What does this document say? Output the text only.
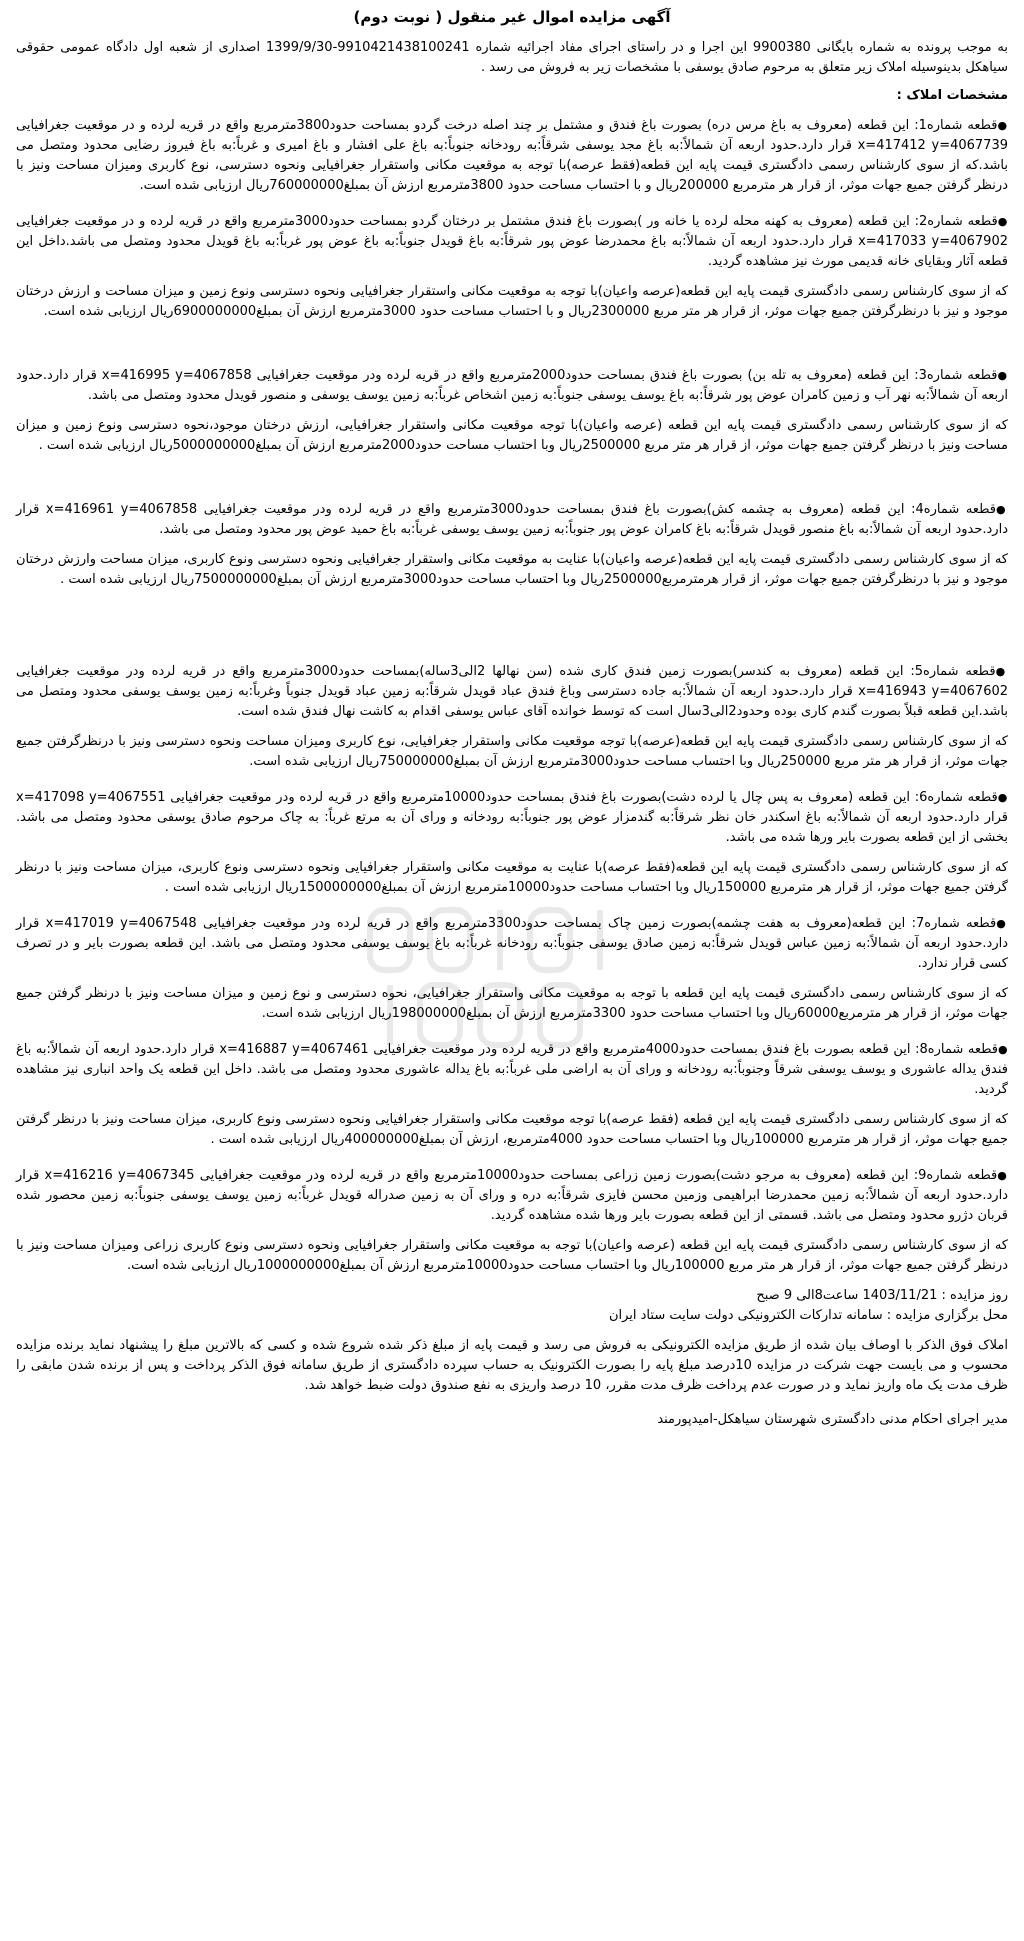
آگهی مزایده اموال غیر منقول ( نوبت دوم)

به موجب پرونده به شماره بایگانی 9900380 این اجرا و در راستای اجرای مفاد اجرائیه شماره 9910421438100241-1399/9/30 اصداری از شعبه اول دادگاه عمومی حقوقی سیاهکل بدینوسیله املاک زیر متعلق به مرحوم صادق یوسفی با مشخصات زیر به فروش می رسد .

مشخصات املاک :

●قطعه شماره1: این قطعه (معروف به باغ مرس دره) بصورت باغ فندق و مشتمل بر چند اصله درخت گردو بمساحت حدود3800مترمربع واقع در قریه لرده و در موقعیت جغرافیایی x=417412 y=4067739 قرار دارد.حدود اربعه آن شمالاً:به باغ مجد یوسفی شرقاً:به رودخانه جنوباً:به باغ علی افشار و باغ امیری و غرباً:به باغ فیروز رضایی محدود ومتصل می باشد.که از سوی کارشناس رسمی دادگستری قیمت پایه این قطعه(فقط عرصه)با توجه به موقعیت مکانی واستقرار جغرافیایی ونحوه دسترسی، نوع کاربری ومیزان مساحت ونیز با درنظر گرفتن جمیع جهات موثر، از قرار هر مترمربع 200000ریال و با احتساب مساحت حدود 3800مترمربع ارزش آن بمبلغ760000000ریال ارزیابی شده است.

●قطعه شماره2: این قطعه (معروف به کهنه محله لرده یا خانه ور )بصورت باغ فندق مشتمل بر درختان گردو بمساحت حدود3000مترمربع واقع در قریه لرده و در موقعیت جغرافیایی x=417033 y=4067902 قرار دارد.حدود اربعه آن شمالاً:به باغ محمدرضا عوض پور شرقاً:به باغ قویدل جنوباً:به باغ عوض پور غرباً:به باغ قویدل محدود ومتصل می باشد.داخل این قطعه آثار وبقایای خانه قدیمی مورث نیز مشاهده گردید.

که از سوی کارشناس رسمی دادگستری قیمت پایه این قطعه(عرصه واعیان)با توجه به موقعیت مکانی واستقرار جغرافیایی ونحوه دسترسی ونوع زمین و میزان مساحت و ارزش درختان موجود و نیز با درنظرگرفتن جمیع جهات موثر، از قرار هر متر مربع 2300000ریال و با احتساب مساحت حدود 3000مترمربع ارزش آن بمبلغ6900000000ریال ارزیابی شده است.

●قطعه شماره3: این قطعه (معروف به تله بن) بصورت باغ فندق بمساحت حدود2000مترمربع واقع در قریه لرده ودر موقعیت جغرافیایی x=416995 y=4067858 قرار دارد.حدود اربعه آن شمالاً:به نهر آب و زمین کامران عوض پور شرقاً:به باغ یوسف یوسفی جنوباً:به زمین اشخاص غرباً:به زمین یوسف یوسفی و منصور قویدل محدود ومتصل می باشد.

که از سوی کارشناس رسمی دادگستری قیمت پایه این قطعه (عرصه واعیان)با توجه موقعیت مکانی واستقرار جغرافیایی، ارزش درختان موجود،نحوه دسترسی ونوع زمین و میزان مساحت ونیز با درنظر گرفتن جمیع جهات موثر، از قرار هر متر مربع 2500000ریال وبا احتساب مساحت حدود2000مترمربع ارزش آن بمبلغ5000000000ریال ارزیابی شده است .

●قطعه شماره4: این قطعه (معروف به چشمه کش)بصورت باغ فندق بمساحت حدود3000مترمربع واقع در قریه لرده ودر موقعیت جغرافیایی x=416961 y=4067858 قرار دارد.حدود اربعه آن شمالاً:به باغ منصور قویدل شرقاً:به باغ کامران عوض پور جنوباً:به زمین یوسف یوسفی غرباً:به باغ حمید عوض پور محدود ومتصل می باشد.

که از سوی کارشناس رسمی دادگستری قیمت پایه این قطعه(عرصه واعیان)با عنایت به موقعیت مکانی واستقرار جغرافیایی ونحوه دسترسی ونوع کاربری، میزان مساحت وارزش درختان موجود و نیز با درنظرگرفتن جمیع جهات موثر، از قرار هرمترمربع2500000ریال وبا احتساب مساحت حدود3000مترمربع ارزش آن بمبلغ7500000000ریال ارزیابی شده است .

●قطعه شماره5: این قطعه (معروف به کندسر)بصورت زمین فندق کاری شده (سن نهالها 2الی3ساله)بمساحت حدود3000مترمربع واقع در قریه لرده ودر موقعیت جغرافیایی x=416943 y=4067602 قرار دارد.حدود اربعه آن شمالاً:به جاده دسترسی وباغ فندق عباد قویدل شرقاً:به زمین عباد قویدل جنوباً وغرباً:به زمین یوسف یوسفی محدود ومتصل می باشد.این قطعه قبلاً بصورت گندم کاری بوده وحدود2الی3سال است که توسط خوانده آقای عباس یوسفی اقدام به کاشت نهال فندق شده است.

که از سوی کارشناس رسمی دادگستری قیمت پایه این قطعه(عرصه)با توجه موقعیت مکانی واستقرار جغرافیایی، نوع کاربری ومیزان مساحت ونحوه دسترسی ونیز با درنظرگرفتن جمیع جهات موثر، از قرار هر متر مربع 250000ریال وبا احتساب مساحت حدود3000مترمربع ارزش آن بمبلغ750000000ریال ارزیابی شده است.

●قطعه شماره6: این قطعه (معروف به پس چال یا لرده دشت)بصورت باغ فندق بمساحت حدود10000مترمربع واقع در قریه لرده ودر موقعیت جغرافیایی x=417098 y=4067551 قرار دارد.حدود اربعه آن شمالاً:به باغ اسکندر خان نظر شرقاً:به گندمزار عوض پور جنوباً:به رودخانه و ورای آن به مرتع غرباً: به چاک مرحوم صادق یوسفی محدود ومتصل می باشد. بخشی از این قطعه بصورت بایر ورها شده می باشد.

که از سوی کارشناس رسمی دادگستری قیمت پایه این قطعه(فقط عرصه)با عنایت به موقعیت مکانی واستقرار جغرافیایی ونحوه دسترسی ونوع کاربری، میزان مساحت ونیز با درنظر گرفتن جمیع جهات موثر، از قرار هر مترمربع 150000ریال وبا احتساب مساحت حدود10000مترمربع ارزش آن بمبلغ1500000000ریال ارزیابی شده است .

●قطعه شماره7: این قطعه(معروف به هفت چشمه)بصورت زمین چاک بمساحت حدود3300مترمربع واقع در قریه لرده ودر موقعیت جغرافیایی x=417019 y=4067548 قرار دارد.حدود اربعه آن شمالاً:به زمین عباس قویدل شرقاً:به زمین صادق یوسفی جنوباً:به رودخانه غرباً:به باغ یوسف یوسفی محدود ومتصل می باشد. این قطعه بصورت بایر و در تصرف کسی قرار ندارد.

که از سوی کارشناس رسمی دادگستری قیمت پایه این قطعه با توجه به موقعیت مکانی واستقرار جغرافیایی، نحوه دسترسی و نوع زمین و میزان مساحت ونیز با درنظر گرفتن جمیع جهات موثر، از قرار هر مترمربع60000ریال وبا احتساب مساحت حدود 3300مترمربع ارزش آن بمبلغ198000000ریال ارزیابی شده است.

●قطعه شماره8: این قطعه بصورت باغ فندق بمساحت حدود4000مترمربع واقع در قریه لرده ودر موقعیت جغرافیایی x=416887 y=4067461 قرار دارد.حدود اربعه آن شمالاً:به باغ فندق یداله عاشوری و یوسف یوسفی شرقاً وجنوباً:به رودخانه و ورای آن به اراضی ملی غرباً:به باغ یداله عاشوری محدود ومتصل می باشد. داخل این قطعه یک واحد انباری نیز مشاهده گردید.

که از سوی کارشناس رسمی دادگستری قیمت پایه این قطعه (فقط عرصه)با توجه موقعیت مکانی واستقرار جغرافیایی ونحوه دسترسی ونوع کاربری، میزان مساحت ونیز با درنظر گرفتن جمیع جهات موثر، از قرار هر مترمربع 100000ریال وبا احتساب مساحت حدود 4000مترمربع، ارزش آن بمبلغ400000000ریال ارزیابی شده است .

●قطعه شماره9: این قطعه (معروف به مرجو دشت)بصورت زمین زراعی بمساحت حدود10000مترمربع واقع در قریه لرده ودر موقعیت جغرافیایی x=416216 y=4067345 قرار دارد.حدود اربعه آن شمالاً:به زمین محمدرضا ابراهیمی وزمین محسن فایزی شرقاً:به دره و ورای آن به زمین صدراله قویدل غرباً:به زمین یوسف یوسفی جنوباً:به زمین محصور شده قربان دژرو محدود ومتصل می باشد. قسمتی از این قطعه بصورت بایر ورها شده مشاهده گردید.

که از سوی کارشناس رسمی دادگستری قیمت پایه این قطعه (عرصه واعیان)با توجه به موقعیت مکانی واستقرار جغرافیایی ونحوه دسترسی ونوع کاربری زراعی ومیزان مساحت ونیز با درنظر گرفتن جمیع جهات موثر، از قرار هر متر مربع 100000ریال وبا احتساب مساحت حدود10000مترمربع ارزش آن بمبلغ1000000000ریال ارزیابی شده است.

روز مزایده : 1403/11/21 ساعت8الی 9 صبح

محل برگزاری مزایده : سامانه تدارکات الکترونیکی دولت سایت ستاد ایران

املاک فوق الذکر با اوصاف بیان شده از طریق مزایده الکترونیکی به فروش می رسد و قیمت پایه از مبلغ ذکر شده شروع شده و کسی که بالاترین مبلغ را پیشنهاد نماید برنده مزایده محسوب و می بایست جهت شرکت در مزایده 10درصد مبلغ پایه را بصورت الکترونیک به حساب سپرده دادگستری از طریق سامانه فوق الذکر پرداخت و پس از برنده شدن مابقی را ظرف مدت یک ماه واریز نماید و در صورت عدم پرداخت ظرف مدت مقرر، 10 درصد واریزی به نفع صندوق دولت ضبط خواهد شد.

مدیر اجرای احکام مدنی دادگستری شهرستان سیاهکل-امیدپورمند
